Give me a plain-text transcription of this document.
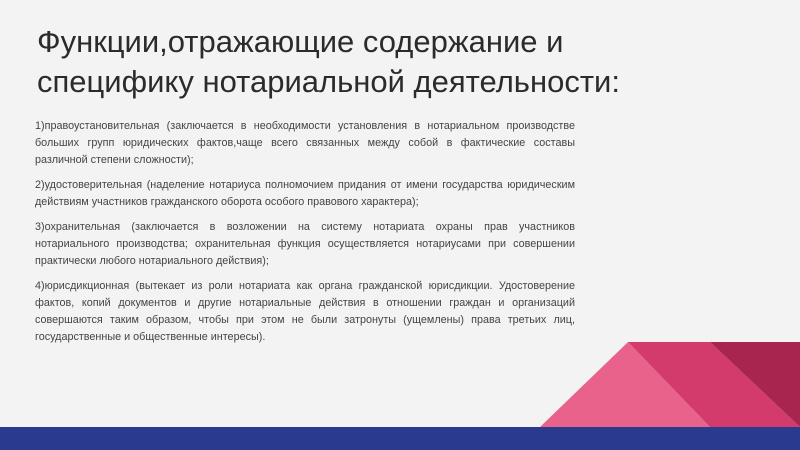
Функции,отражающие содержание и
специфику нотариальной деятельности:

1)правоустановительная (заключается в необходимости установления в нотариальном производстве больших групп юридических фактов,чаще всего связанных между собой в фактические составы различной степени сложности);

2)удостоверительная (наделение нотариуса полномочием придания от имени государства юридическим действиям участников гражданского оборота особого правового характера);

3)охранительная (заключается в возложении на систему нотариата охраны прав участников нотариального производства; охранительная функция осуществляется нотариусами при совершении практически любого нотариального действия);

4)юрисдикционная (вытекает из роли нотариата как органа гражданской юрисдикции. Удостоверение фактов, копий документов и другие нотариальные действия в отношении граждан и организаций совершаются таким образом, чтобы при этом не были затронуты (ущемлены) права третьих лиц, государственные и общественные интересы).
